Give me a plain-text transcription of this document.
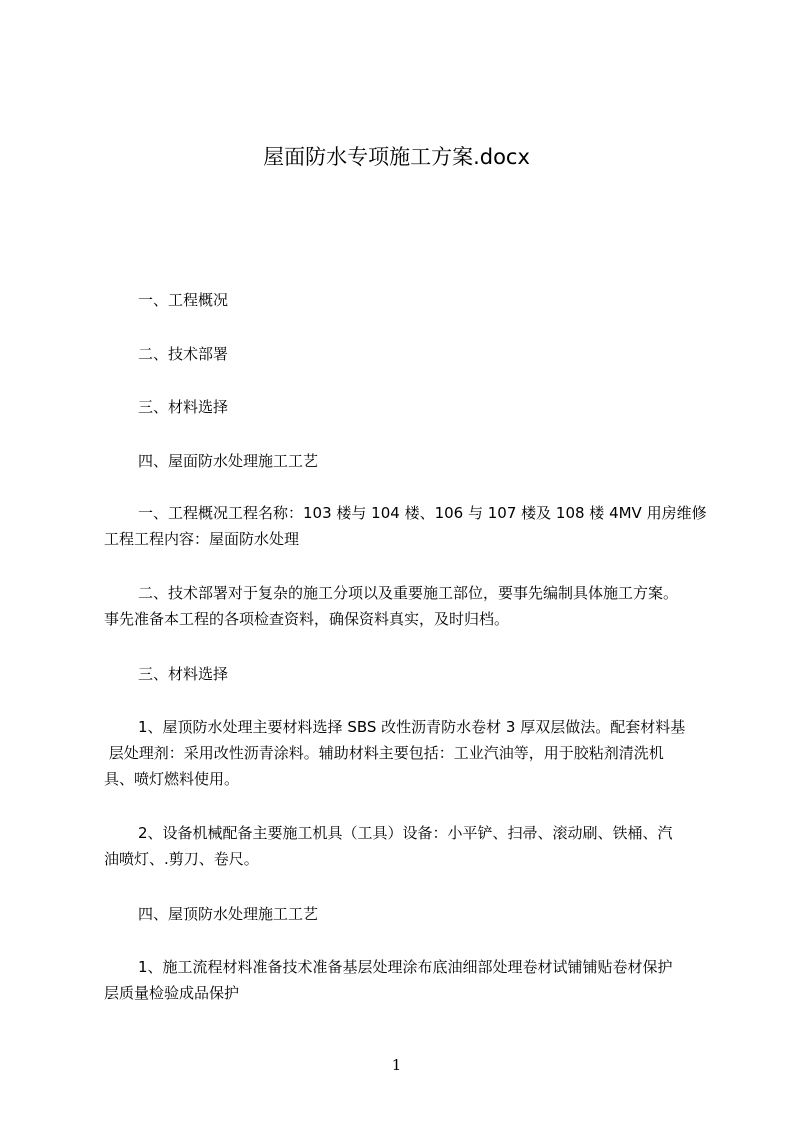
屋面防水专项施工方案.docx
一、工程概况
二、技术部署
三、材料选择
四、屋面防水处理施工工艺
一、工程概况工程名称：103 楼与 104 楼、106 与 107 楼及 108 楼 4MV 用房维修
工程工程内容：屋面防水处理
二、技术部署对于复杂的施工分项以及重要施工部位，要事先编制具体施工方案。
事先准备本工程的各项检查资料，确保资料真实，及时归档。
三、材料选择
1、屋顶防水处理主要材料选择 SBS 改性沥青防水卷材 3 厚双层做法。配套材料基
层处理剂：采用改性沥青涂料。辅助材料主要包括：工业汽油等，用于胶粘剂清洗机
具、喷灯燃料使用。
2、设备机械配备主要施工机具（工具）设备：小平铲、扫帚、滚动刷、铁桶、汽
油喷灯、.剪刀、卷尺。
四、屋顶防水处理施工工艺
1、施工流程材料准备技术准备基层处理涂布底油细部处理卷材试铺铺贴卷材保护
层质量检验成品保护
1
